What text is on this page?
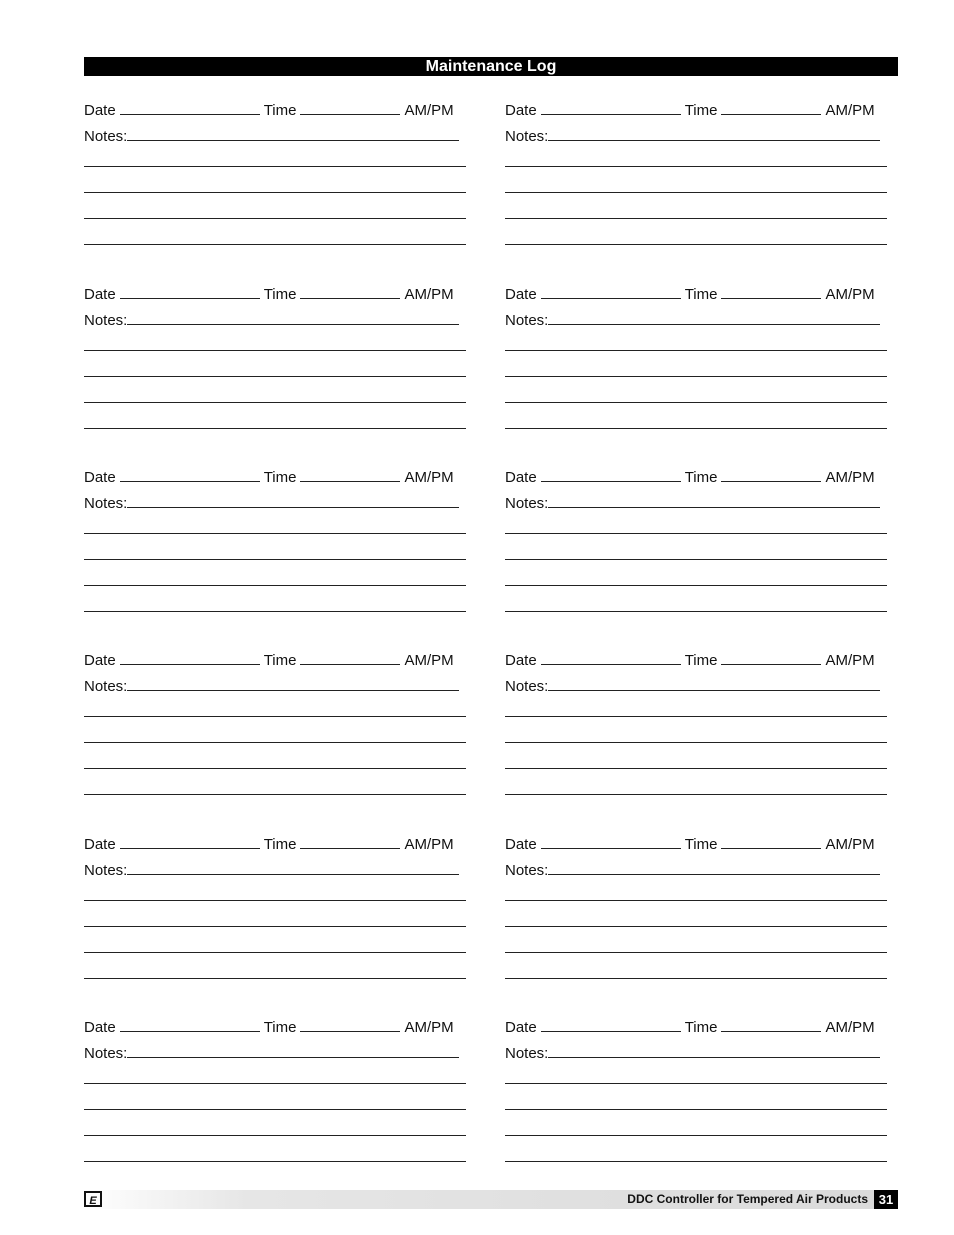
Maintenance Log
Date	Time	AM/PM
Notes:
Date	Time	AM/PM
Notes:
Date	Time	AM/PM
Notes:
Date	Time	AM/PM
Notes:
Date	Time	AM/PM
Notes:
Date	Time	AM/PM
Notes:
Date	Time	AM/PM
Notes:
Date	Time	AM/PM
Notes:
Date	Time	AM/PM
Notes:
Date	Time	AM/PM
Notes:
Date	Time	AM/PM
Notes:
Date	Time	AM/PM
Notes:
E	DDC Controller for Tempered Air Products 31
